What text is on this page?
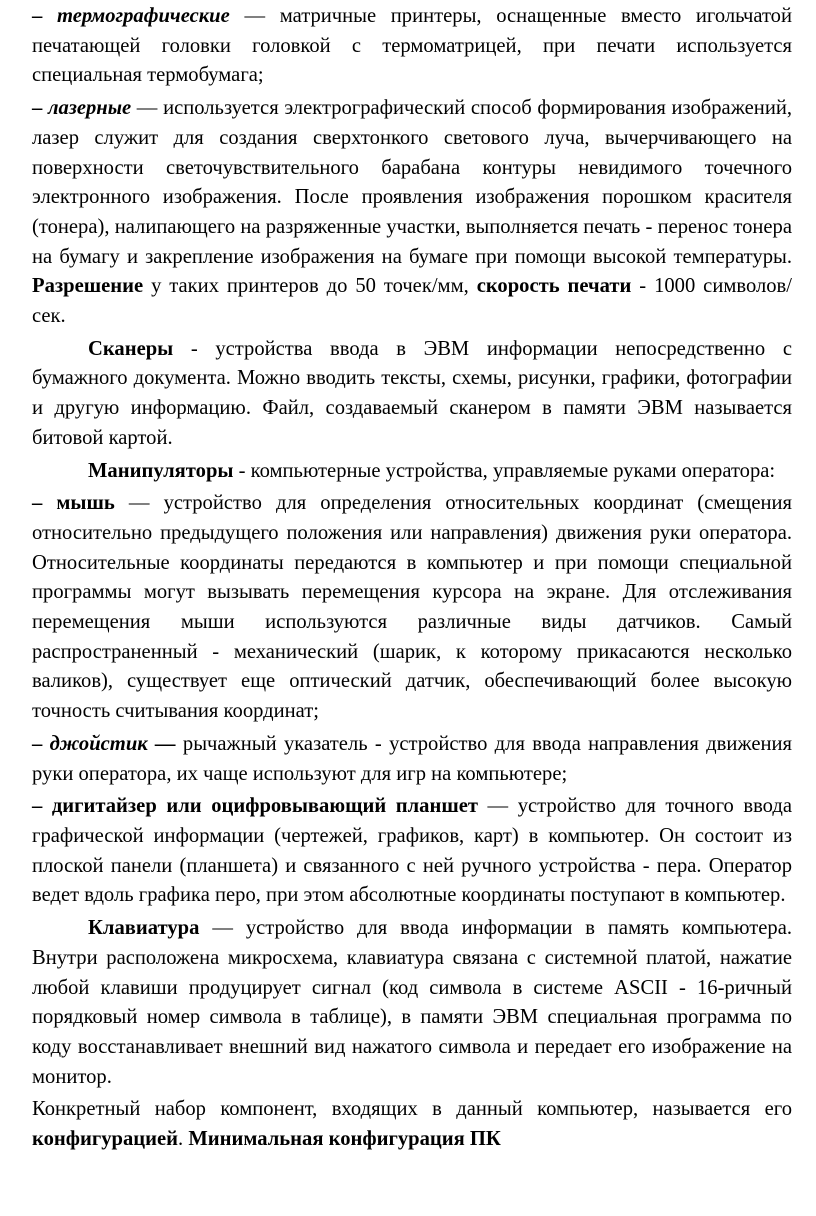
– термографические — матричные принтеры, оснащенные вместо игольчатой печатающей головки головкой с термоматрицей, при печати используется специальная термобумага;

– лазерные — используется электрографический способ формирования изображений, лазер служит для создания сверхтонкого светового луча, вычерчивающего на поверхности светочувствительного барабана контуры невидимого точечного электронного изображения. После проявления изображения порошком красителя (тонера), налипающего на разряженные участки, выполняется печать - перенос тонера на бумагу и закрепление изображения на бумаге при помощи высокой температуры. Разрешение у таких принтеров до 50 точек/мм, скорость печати - 1000 символов/сек.

Сканеры - устройства ввода в ЭВМ информации непосредственно с бумажного документа. Можно вводить тексты, схемы, рисунки, графики, фотографии и другую информацию. Файл, создаваемый сканером в памяти ЭВМ называется битовой картой.

Манипуляторы - компьютерные устройства, управляемые руками оператора:

– мышь — устройство для определения относительных координат (смещения относительно предыдущего положения или направления) движения руки оператора. Относительные координаты передаются в компьютер и при помощи специальной программы могут вызывать перемещения курсора на экране. Для отслеживания перемещения мыши используются различные виды датчиков. Самый распространенный - механический (шарик, к которому прикасаются несколько валиков), существует еще оптический датчик, обеспечивающий более высокую точность считывания координат;

– джойстик — рычажный указатель - устройство для ввода направления движения руки оператора, их чаще используют для игр на компьютере;

– дигитайзер или оцифровывающий планшет — устройство для точного ввода графической информации (чертежей, графиков, карт) в компьютер. Он состоит из плоской панели (планшета) и связанного с ней ручного устройства - пера. Оператор ведет вдоль графика перо, при этом абсолютные координаты поступают в компьютер.

Клавиатура — устройство для ввода информации в память компьютера. Внутри расположена микросхема, клавиатура связана с системной платой, нажатие любой клавиши продуцирует сигнал (код символа в системе ASCII - 16-ричный порядковый номер символа в таблице), в памяти ЭВМ специальная программа по коду восстанавливает внешний вид нажатого символа и передает его изображение на монитор.

Конкретный набор компонент, входящих в данный компьютер, называется его конфигурацией. Минимальная конфигурация ПК
